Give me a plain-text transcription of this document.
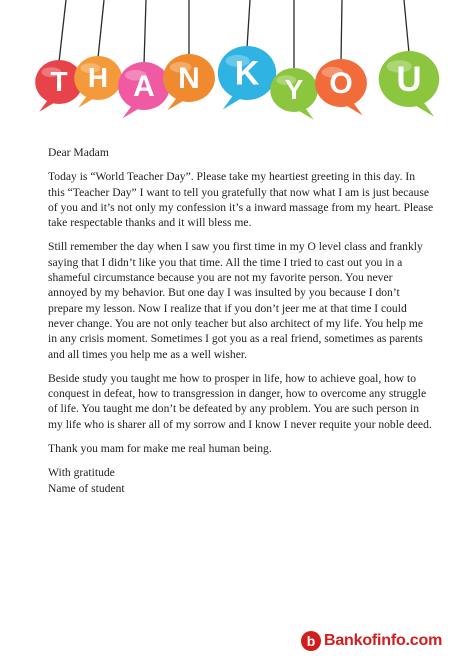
T H A N K Y O U

Dear Madam

Today is “World Teacher Day”. Please take my heartiest greeting in this day. In this “Teacher Day” I want to tell you gratefully that now what I am is just because of you and it’s not only my confession it’s a inward massage from my heart. Please take respectable thanks and it will bless me.

Still remember the day when I saw you first time in my O level class and frankly saying that I didn’t like you that time. All the time I tried to cast out you in a shameful circumstance because you are not my favorite person. You never annoyed by my behavior. But one day I was insulted by you because I don’t prepare my lesson. Now I realize that if you don’t jeer me at that time I could never change. You are not only teacher but also architect of my life. You help me in any crisis moment. Sometimes I got you as a real friend, sometimes as parents and all times you help me as a well wisher.

Beside study you taught me how to prosper in life, how to achieve goal, how to conquest in defeat, how to transgression in danger, how to overcome any struggle of life. You taught me don’t be defeated by any problem. You are such person in my life who is sharer all of my sorrow and I know I never requite your noble deed.

Thank you mam for make me real human being.

With gratitude

Name of student

b Bankofinfo.com
